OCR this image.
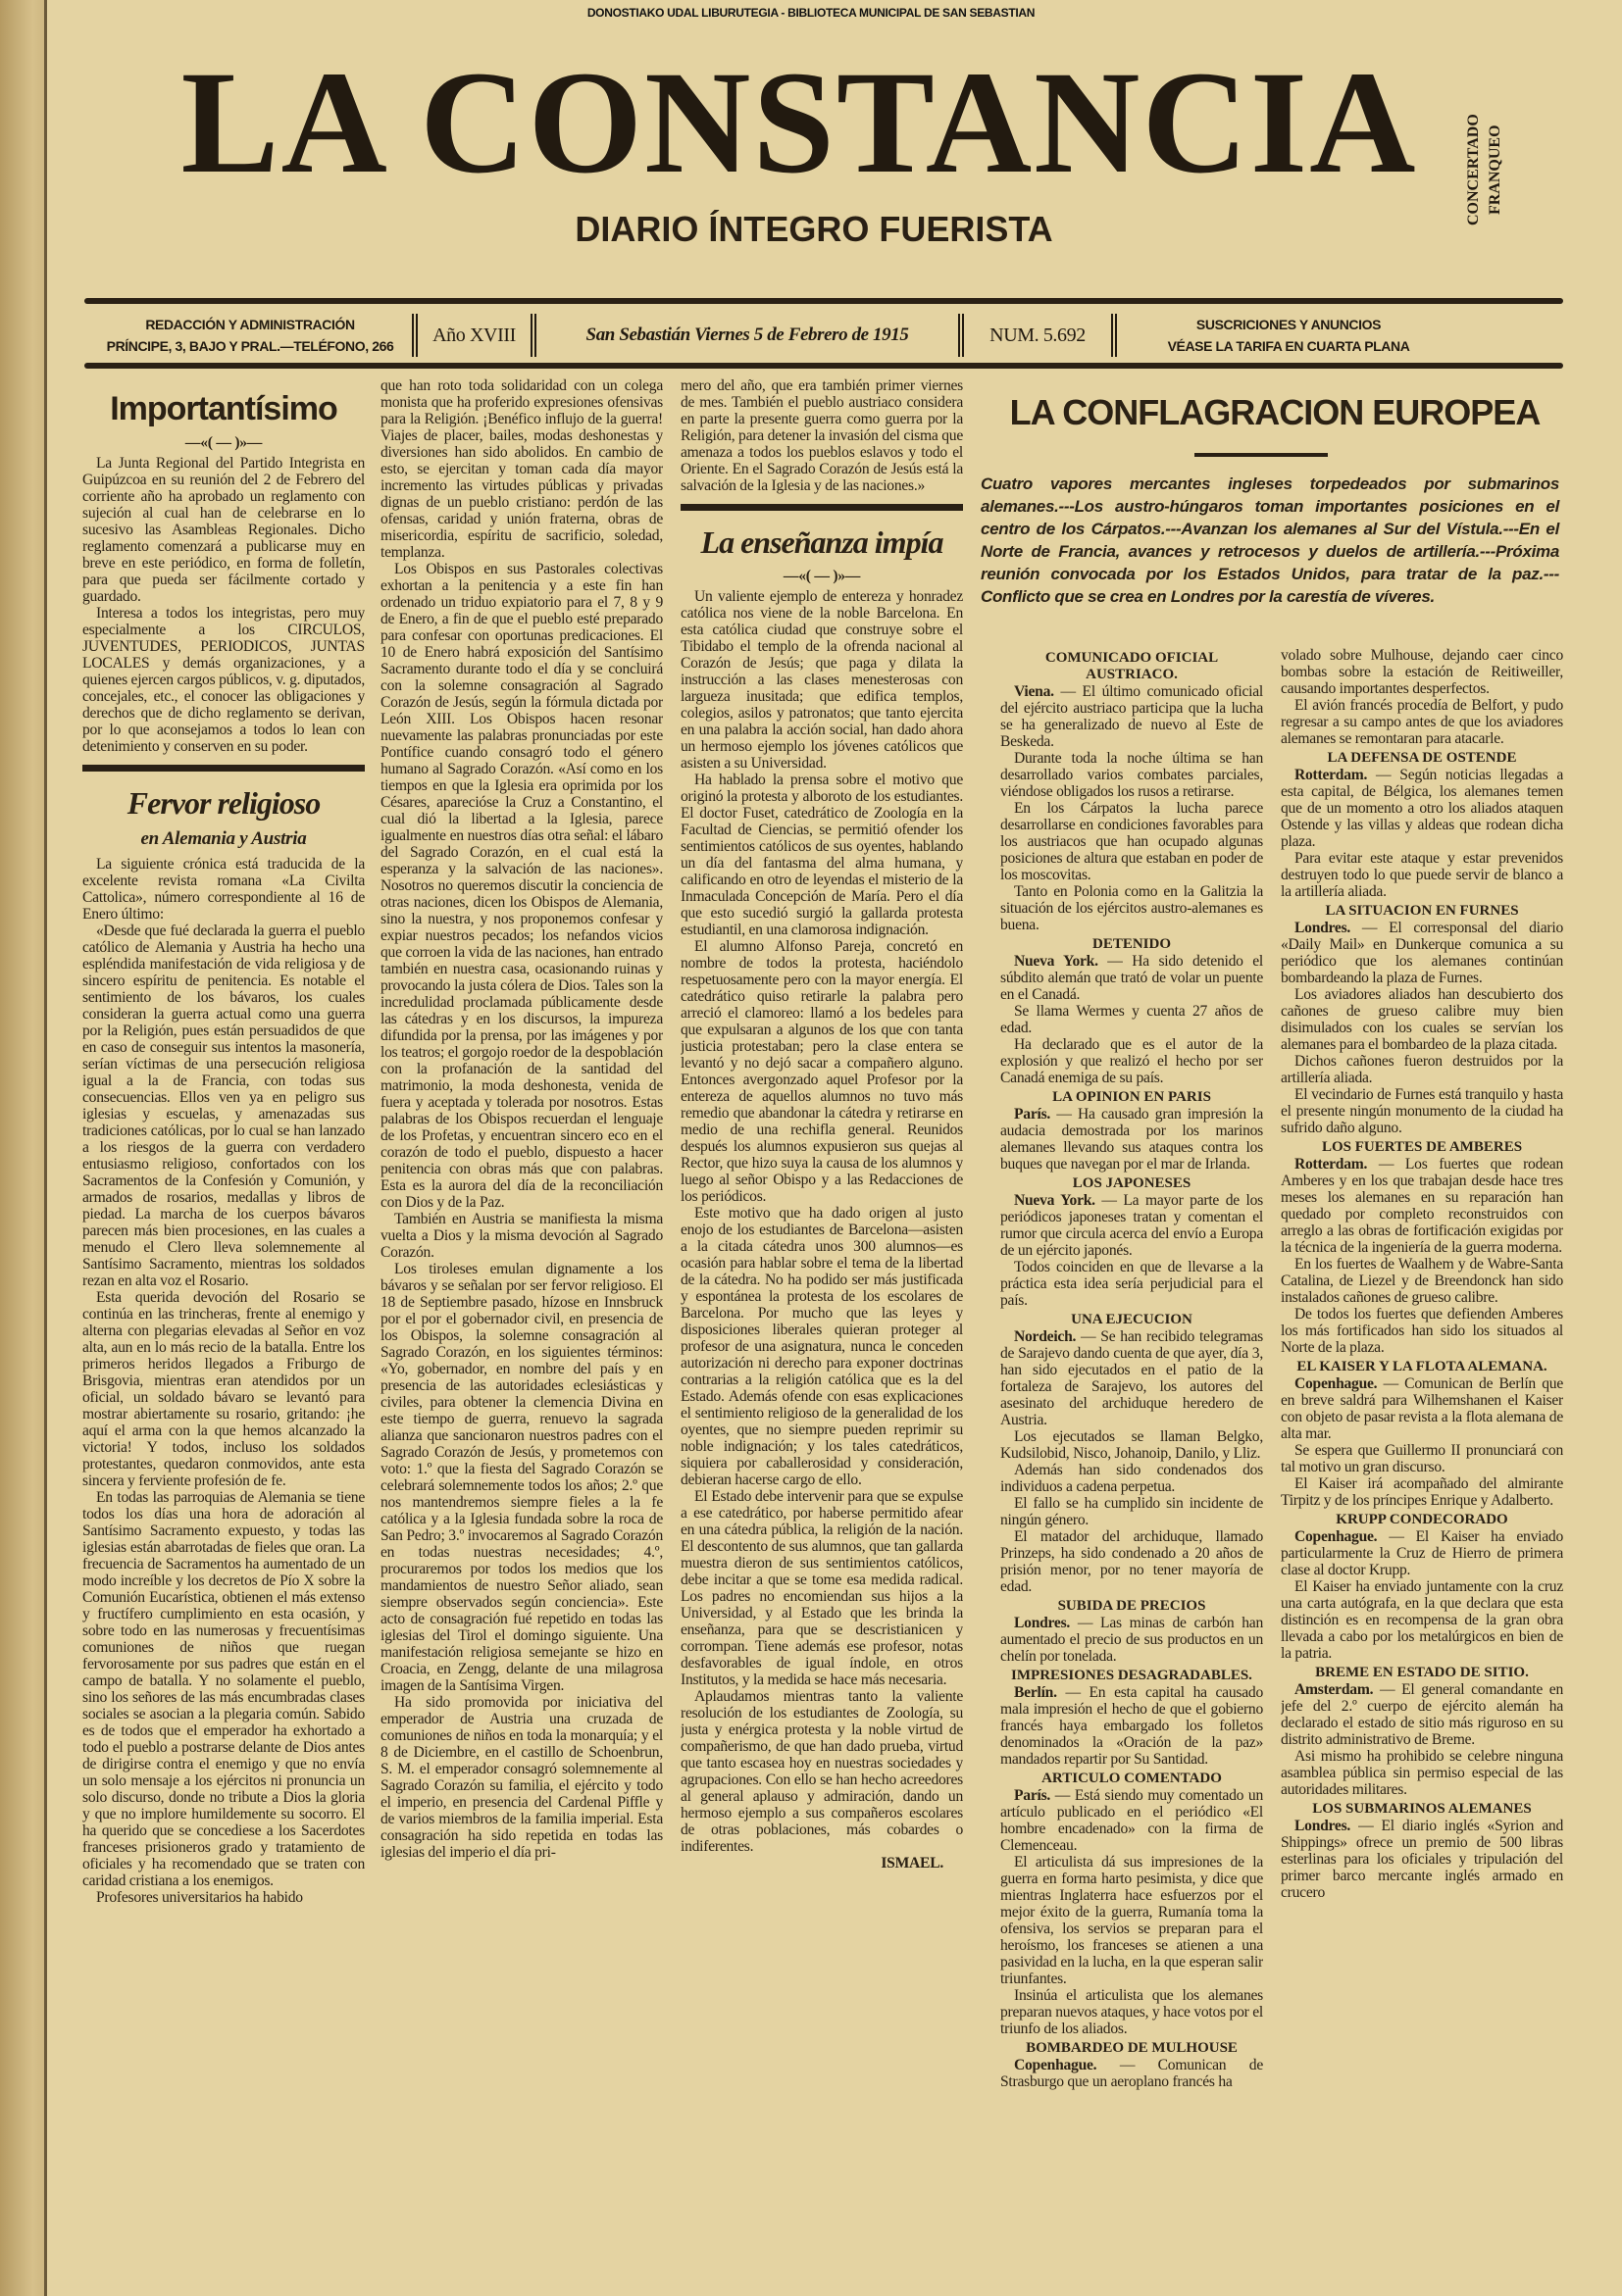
DONOSTIAKO UDAL LIBURUTEGIA - BIBLIOTECA MUNICIPAL DE SAN SEBASTIAN
LA CONSTANCIA	CONCERTADO FRANQUEO
DIARIO ÍNTEGRO FUERISTA
REDACCIÓN Y ADMINISTRACIÓN
PRÍNCIPE, 3, BAJO Y PRAL.—TELÉFONO, 266	Año XVIII	San Sebastián Viernes 5 de Febrero de 1915	NUM. 5.692	SUSCRICIONES Y ANUNCIOS
VÉASE LA TARIFA EN CUARTA PLANA
LA CONFLAGRACION EUROPEA
Cuatro vapores mercantes ingleses torpedeados por submarinos alemanes.---Los austro-húngaros toman importantes posiciones en el centro de los Cárpatos.---Avanzan los alemanes al Sur del Vístula.---En el Norte de Francia, avances y retrocesos y duelos de artillería.---Próxima reunión convocada por los Estados Unidos, para tratar de la paz.---Conflicto que se crea en Londres por la carestía de víveres.
Importantísimo
—«( — )»—

La Junta Regional del Partido Integrista en Guipúzcoa en su reunión del 2 de Febrero del corriente año ha aprobado un reglamento con sujeción al cual han de celebrarse en lo sucesivo las Asambleas Regionales. Dicho reglamento comenzará a publicarse muy en breve en este periódico, en forma de folletín, para que pueda ser fácilmente cortado y guardado.

Interesa a todos los integristas, pero muy especialmente a los CIRCULOS, JUVENTUDES, PERIODICOS, JUNTAS LOCALES y demás organizaciones, y a quienes ejercen cargos públicos, v. g. diputados, concejales, etc., el conocer las obligaciones y derechos que de dicho reglamento se derivan, por lo que aconsejamos a todos lo lean con detenimiento y conserven en su poder.

Fervor religioso
en Alemania y Austria

La siguiente crónica está traducida de la excelente revista romana «La Civilta Cattolica», número correspondiente al 16 de Enero último:

«Desde que fué declarada la guerra el pueblo católico de Alemania y Austria ha hecho una espléndida manifestación de vida religiosa y de sincero espíritu de penitencia. Es notable el sentimiento de los bávaros, los cuales consideran la guerra actual como una guerra por la Religión, pues están persuadidos de que en caso de conseguir sus intentos la masonería, serían víctimas de una persecución religiosa igual a la de Francia, con todas sus consecuencias. Ellos ven ya en peligro sus iglesias y escuelas, y amenazadas sus tradiciones católicas, por lo cual se han lanzado a los riesgos de la guerra con verdadero entusiasmo religioso, confortados con los Sacramentos de la Confesión y Comunión, y armados de rosarios, medallas y libros de piedad. La marcha de los cuerpos bávaros parecen más bien procesiones, en las cuales a menudo el Clero lleva solemnemente al Santísimo Sacramento, mientras los soldados rezan en alta voz el Rosario.

Esta querida devoción del Rosario se continúa en las trincheras, frente al enemigo y alterna con plegarias elevadas al Señor en voz alta, aun en lo más recio de la batalla. Entre los primeros heridos llegados a Friburgo de Brisgovia, mientras eran atendidos por un oficial, un soldado bávaro se levantó para mostrar abiertamente su rosario, gritando: ¡he aquí el arma con la que hemos alcanzado la victoria! Y todos, incluso los soldados protestantes, quedaron conmovidos, ante esta sincera y ferviente profesión de fe.

En todas las parroquias de Alemania se tiene todos los días una hora de adoración al Santísimo Sacramento expuesto, y todas las iglesias están abarrotadas de fieles que oran. La frecuencia de Sacramentos ha aumentado de un modo increíble y los decretos de Pío X sobre la Comunión Eucarística, obtienen el más extenso y fructífero cumplimiento en esta ocasión, y sobre todo en las numerosas y frecuentísimas comuniones de niños que ruegan fervorosamente por sus padres que están en el campo de batalla. Y no solamente el pueblo, sino los señores de las más encumbradas clases sociales se asocian a la plegaria común. Sabido es de todos que el emperador ha exhortado a todo el pueblo a postrarse delante de Dios antes de dirigirse contra el enemigo y que no envía un solo mensaje a los ejércitos ni pronuncia un solo discurso, donde no tribute a Dios la gloria y que no implore humildemente su socorro. El ha querido que se concediese a los Sacerdotes franceses prisioneros grado y tratamiento de oficiales y ha recomendado que se traten con caridad cristiana a los enemigos.

Profesores universitarios ha habido

que han roto toda solidaridad con un colega monista que ha proferido expresiones ofensivas para la Religión. ¡Benéfico influjo de la guerra! Viajes de placer, bailes, modas deshonestas y diversiones han sido abolidos. En cambio de esto, se ejercitan y toman cada día mayor incremento las virtudes públicas y privadas dignas de un pueblo cristiano: perdón de las ofensas, caridad y unión fraterna, obras de misericordia, espíritu de sacrificio, soledad, templanza.

Los Obispos en sus Pastorales colectivas exhortan a la penitencia y a este fin han ordenado un triduo expiatorio para el 7, 8 y 9 de Enero, a fin de que el pueblo esté preparado para confesar con oportunas predicaciones. El 10 de Enero habrá exposición del Santísimo Sacramento durante todo el día y se concluirá con la solemne consagración al Sagrado Corazón de Jesús, según la fórmula dictada por León XIII. Los Obispos hacen resonar nuevamente las palabras pronunciadas por este Pontífice cuando consagró todo el género humano al Sagrado Corazón. «Así como en los tiempos en que la Iglesia era oprimida por los Césares, aparecióse la Cruz a Constantino, el cual dió la libertad a la Iglesia, parece igualmente en nuestros días otra señal: el lábaro del Sagrado Corazón, en el cual está la esperanza y la salvación de las naciones». Nosotros no queremos discutir la conciencia de otras naciones, dicen los Obispos de Alemania, sino la nuestra, y nos proponemos confesar y expiar nuestros pecados; los nefandos vicios que corroen la vida de las naciones, han entrado también en nuestra casa, ocasionando ruinas y provocando la justa cólera de Dios. Tales son la incredulidad proclamada públicamente desde las cátedras y en los discursos, la impureza difundida por la prensa, por las imágenes y por los teatros; el gorgojo roedor de la despoblación con la profanación de la santidad del matrimonio, la moda deshonesta, venida de fuera y aceptada y tolerada por nosotros. Estas palabras de los Obispos recuerdan el lenguaje de los Profetas, y encuentran sincero eco en el corazón de todo el pueblo, dispuesto a hacer penitencia con obras más que con palabras. Esta es la aurora del día de la reconciliación con Dios y de la Paz.

También en Austria se manifiesta la misma vuelta a Dios y la misma devoción al Sagrado Corazón.

Los tiroleses emulan dignamente a los bávaros y se señalan por ser fervor religioso. El 18 de Septiembre pasado, hízose en Innsbruck por el por el gobernador civil, en presencia de los Obispos, la solemne consagración al Sagrado Corazón, en los siguientes términos: «Yo, gobernador, en nombre del país y en presencia de las autoridades eclesiásticas y civiles, para obtener la clemencia Divina en este tiempo de guerra, renuevo la sagrada alianza que sancionaron nuestros padres con el Sagrado Corazón de Jesús, y prometemos con voto: 1.º que la fiesta del Sagrado Corazón se celebrará solemnemente todos los años; 2.º que nos mantendremos siempre fieles a la fe católica y a la Iglesia fundada sobre la roca de San Pedro; 3.º invocaremos al Sagrado Corazón en todas nuestras necesidades; 4.º, procuraremos por todos los medios que los mandamientos de nuestro Señor aliado, sean siempre observados según conciencia». Este acto de consagración fué repetido en todas las iglesias del Tirol el domingo siguiente. Una manifestación religiosa semejante se hizo en Croacia, en Zengg, delante de una milagrosa imagen de la Santísima Virgen.

Ha sido promovida por iniciativa del emperador de Austria una cruzada de comuniones de niños en toda la monarquía; y el 8 de Diciembre, en el castillo de Schoenbrun, S. M. el emperador consagró solemnemente al Sagrado Corazón su familia, el ejército y todo el imperio, en presencia del Cardenal Piffle y de varios miembros de la familia imperial. Esta consagración ha sido repetida en todas las iglesias del imperio el día pri-

mero del año, que era también primer viernes de mes. También el pueblo austriaco considera en parte la presente guerra como guerra por la Religión, para detener la invasión del cisma que amenaza a todos los pueblos eslavos y todo el Oriente. En el Sagrado Corazón de Jesús está la salvación de la Iglesia y de las naciones.»

La enseñanza impía
—«( — )»—

Un valiente ejemplo de entereza y honradez católica nos viene de la noble Barcelona. En esta católica ciudad que construye sobre el Tibidabo el templo de la ofrenda nacional al Corazón de Jesús; que paga y dilata la instrucción a las clases menesterosas con largueza inusitada; que edifica templos, colegios, asilos y patronatos; que tanto ejercita en una palabra la acción social, han dado ahora un hermoso ejemplo los jóvenes católicos que asisten a su Universidad.

Ha hablado la prensa sobre el motivo que originó la protesta y alboroto de los estudiantes. El doctor Fuset, catedrático de Zoología en la Facultad de Ciencias, se permitió ofender los sentimientos católicos de sus oyentes, hablando un día del fantasma del alma humana, y calificando en otro de leyendas el misterio de la Inmaculada Concepción de María. Pero el día que esto sucedió surgió la gallarda protesta estudiantil, en una clamorosa indignación.

El alumno Alfonso Pareja, concretó en nombre de todos la protesta, haciéndolo respetuosamente pero con la mayor energía. El catedrático quiso retirarle la palabra pero arreció el clamoreo: llamó a los bedeles para que expulsaran a algunos de los que con tanta justicia protestaban; pero la clase entera se levantó y no dejó sacar a compañero alguno. Entonces avergonzado aquel Profesor por la entereza de aquellos alumnos no tuvo más remedio que abandonar la cátedra y retirarse en medio de una rechifla general. Reunidos después los alumnos expusieron sus quejas al Rector, que hizo suya la causa de los alumnos y luego al señor Obispo y a las Redacciones de los periódicos.

Este motivo que ha dado origen al justo enojo de los estudiantes de Barcelona—asisten a la citada cátedra unos 300 alumnos—es ocasión para hablar sobre el tema de la libertad de la cátedra. No ha podido ser más justificada y espontánea la protesta de los escolares de Barcelona. Por mucho que las leyes y disposiciones liberales quieran proteger al profesor de una asignatura, nunca le conceden autorización ni derecho para exponer doctrinas contrarias a la religión católica que es la del Estado. Además ofende con esas explicaciones el sentimiento religioso de la generalidad de los oyentes, que no siempre pueden reprimir su noble indignación; y los tales catedráticos, siquiera por caballerosidad y consideración, debieran hacerse cargo de ello.

El Estado debe intervenir para que se expulse a ese catedrático, por haberse permitido afear en una cátedra pública, la religión de la nación. El descontento de sus alumnos, que tan gallarda muestra dieron de sus sentimientos católicos, debe incitar a que se tome esa medida radical. Los padres no encomiendan sus hijos a la Universidad, y al Estado que les brinda la enseñanza, para que se descristianicen y corrompan. Tiene además ese profesor, notas desfavorables de igual índole, en otros Institutos, y la medida se hace más necesaria.

Aplaudamos mientras tanto la valiente resolución de los estudiantes de Zoología, su justa y enérgica protesta y la noble virtud de compañerismo, de que han dado prueba, virtud que tanto escasea hoy en nuestras sociedades y agrupaciones. Con ello se han hecho acreedores al general aplauso y admiración, dando un hermoso ejemplo a sus compañeros escolares de otras poblaciones, más cobardes o indiferentes.

ISMAEL.

COMUNICADO OFICIAL AUSTRIACO.

Viena. — El último comunicado oficial del ejército austriaco participa que la lucha se ha generalizado de nuevo al Este de Beskeda.

Durante toda la noche última se han desarrollado varios combates parciales, viéndose obligados los rusos a retirarse.

En los Cárpatos la lucha parece desarrollarse en condiciones favorables para los austriacos que han ocupado algunas posiciones de altura que estaban en poder de los moscovitas.

Tanto en Polonia como en la Galitzia la situación de los ejércitos austro-alemanes es buena.

DETENIDO

Nueva York. — Ha sido detenido el súbdito alemán que trató de volar un puente en el Canadá.

Se llama Wermes y cuenta 27 años de edad.

Ha declarado que es el autor de la explosión y que realizó el hecho por ser Canadá enemiga de su país.

LA OPINION EN PARIS

París. — Ha causado gran impresión la audacia demostrada por los marinos alemanes llevando sus ataques contra los buques que navegan por el mar de Irlanda.

LOS JAPONESES

Nueva York. — La mayor parte de los periódicos japoneses tratan y comentan el rumor que circula acerca del envío a Europa de un ejército japonés.

Todos coinciden en que de llevarse a la práctica esta idea sería perjudicial para el país.

UNA EJECUCION

Nordeich. — Se han recibido telegramas de Sarajevo dando cuenta de que ayer, día 3, han sido ejecutados en el patio de la fortaleza de Sarajevo, los autores del asesinato del archiduque heredero de Austria.

Los ejecutados se llaman Belgko, Kudsilobid, Nisco, Johanoip, Danilo, y Lliz.

Además han sido condenados dos individuos a cadena perpetua.

El fallo se ha cumplido sin incidente de ningún género.

El matador del archiduque, llamado Prinzeps, ha sido condenado a 20 años de prisión menor, por no tener mayoría de edad.

SUBIDA DE PRECIOS

Londres. — Las minas de carbón han aumentado el precio de sus productos en un chelín por tonelada.

IMPRESIONES DESAGRADABLES.

Berlín. — En esta capital ha causado mala impresión el hecho de que el gobierno francés haya embargado los folletos denominados la «Oración de la paz» mandados repartir por Su Santidad.

ARTICULO COMENTADO

París. — Está siendo muy comentado un artículo publicado en el periódico «El hombre encadenado» con la firma de Clemenceau.

El articulista dá sus impresiones de la guerra en forma harto pesimista, y dice que mientras Inglaterra hace esfuerzos por el mejor éxito de la guerra, Rumanía toma la ofensiva, los servios se preparan para el heroísmo, los franceses se atienen a una pasividad en la lucha, en la que esperan salir triunfantes.

Insinúa el articulista que los alemanes preparan nuevos ataques, y hace votos por el triunfo de los aliados.

BOMBARDEO DE MULHOUSE

Copenhague. — Comunican de Strasburgo que un aeroplano francés ha

volado sobre Mulhouse, dejando caer cinco bombas sobre la estación de Reitiweiller, causando importantes desperfectos.

El avión francés procedía de Belfort, y pudo regresar a su campo antes de que los aviadores alemanes se remontaran para atacarle.

LA DEFENSA DE OSTENDE

Rotterdam. — Según noticias llegadas a esta capital, de Bélgica, los alemanes temen que de un momento a otro los aliados ataquen Ostende y las villas y aldeas que rodean dicha plaza.

Para evitar este ataque y estar prevenidos destruyen todo lo que puede servir de blanco a la artillería aliada.

LA SITUACION EN FURNES

Londres. — El corresponsal del diario «Daily Mail» en Dunkerque comunica a su periódico que los alemanes continúan bombardeando la plaza de Furnes.

Los aviadores aliados han descubierto dos cañones de grueso calibre muy bien disimulados con los cuales se servían los alemanes para el bombardeo de la plaza citada.

Dichos cañones fueron destruidos por la artillería aliada.

El vecindario de Furnes está tranquilo y hasta el presente ningún monumento de la ciudad ha sufrido daño alguno.

LOS FUERTES DE AMBERES

Rotterdam. — Los fuertes que rodean Amberes y en los que trabajan desde hace tres meses los alemanes en su reparación han quedado por completo reconstruidos con arreglo a las obras de fortificación exigidas por la técnica de la ingeniería de la guerra moderna.

En los fuertes de Waalhem y de Wabre-Santa Catalina, de Liezel y de Breendonck han sido instalados cañones de grueso calibre.

De todos los fuertes que defienden Amberes los más fortificados han sido los situados al Norte de la plaza.

EL KAISER Y LA FLOTA ALEMANA.

Copenhague. — Comunican de Berlín que en breve saldrá para Wilhemshanen el Kaiser con objeto de pasar revista a la flota alemana de alta mar.

Se espera que Guillermo II pronunciará con tal motivo un gran discurso.

El Kaiser irá acompañado del almirante Tirpitz y de los príncipes Enrique y Adalberto.

KRUPP CONDECORADO

Copenhague. — El Kaiser ha enviado particularmente la Cruz de Hierro de primera clase al doctor Krupp.

El Kaiser ha enviado juntamente con la cruz una carta autógrafa, en la que declara que esta distinción es en recompensa de la gran obra llevada a cabo por los metalúrgicos en bien de la patria.

BREME EN ESTADO DE SITIO.

Amsterdam. — El general comandante en jefe del 2.º cuerpo de ejército alemán ha declarado el estado de sitio más riguroso en su distrito administrativo de Breme.

Asi mismo ha prohibido se celebre ninguna asamblea pública sin permiso especial de las autoridades militares.

LOS SUBMARINOS ALEMANES

Londres. — El diario inglés «Syrion and Shippings» ofrece un premio de 500 libras esterlinas para los oficiales y tripulación del primer barco mercante inglés armado en crucero
